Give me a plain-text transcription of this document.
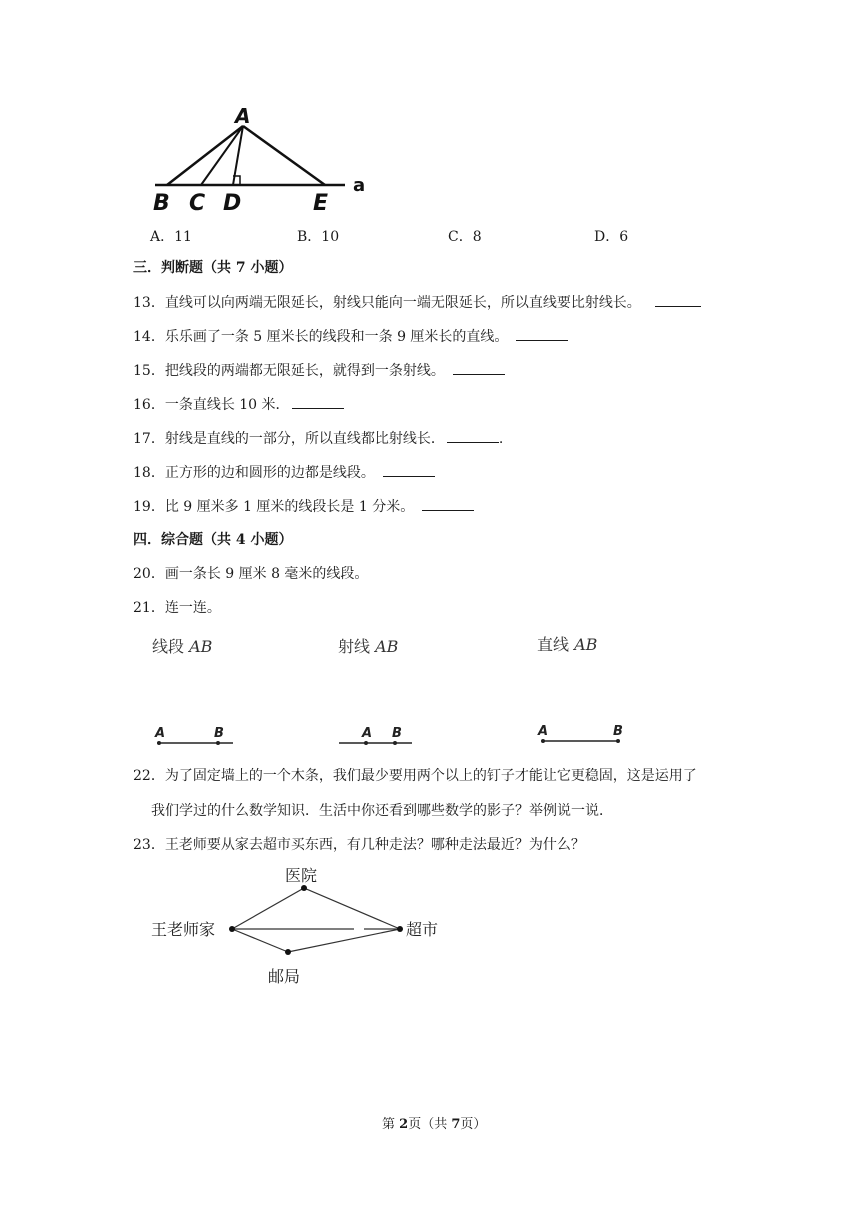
A
B C D	E
a
A．11	B．10	C．8	D．6
三．判断题（共 7 小题）
13．直线可以向两端无限延长，射线只能向一端无限延长，所以直线要比射线长。
14．乐乐画了一条 5 厘米长的线段和一条 9 厘米长的直线。
15．把线段的两端都无限延长，就得到一条射线。
16．一条直线长 10 米．
17．射线是直线的一部分，所以直线都比射线长．	.
18．正方形的边和圆形的边都是线段。
19．比 9 厘米多 1 厘米的线段长是 1 分米。
四．综合题（共 4 小题）
20．画一条长 9 厘米 8 毫米的线段。
21．连一连。
线段 AB	射线 AB	直线 AB
A	B	A B	A	B
22．为了固定墙上的一个木条，我们最少要用两个以上的钉子才能让它更稳固，这是运用了
我们学过的什么数学知识．生活中你还看到哪些数学的影子？举例说一说．
23．王老师要从家去超市买东西，有几种走法？哪种走法最近？为什么？
王老师家
医院
超市
邮局
第 2页（共 7页）
